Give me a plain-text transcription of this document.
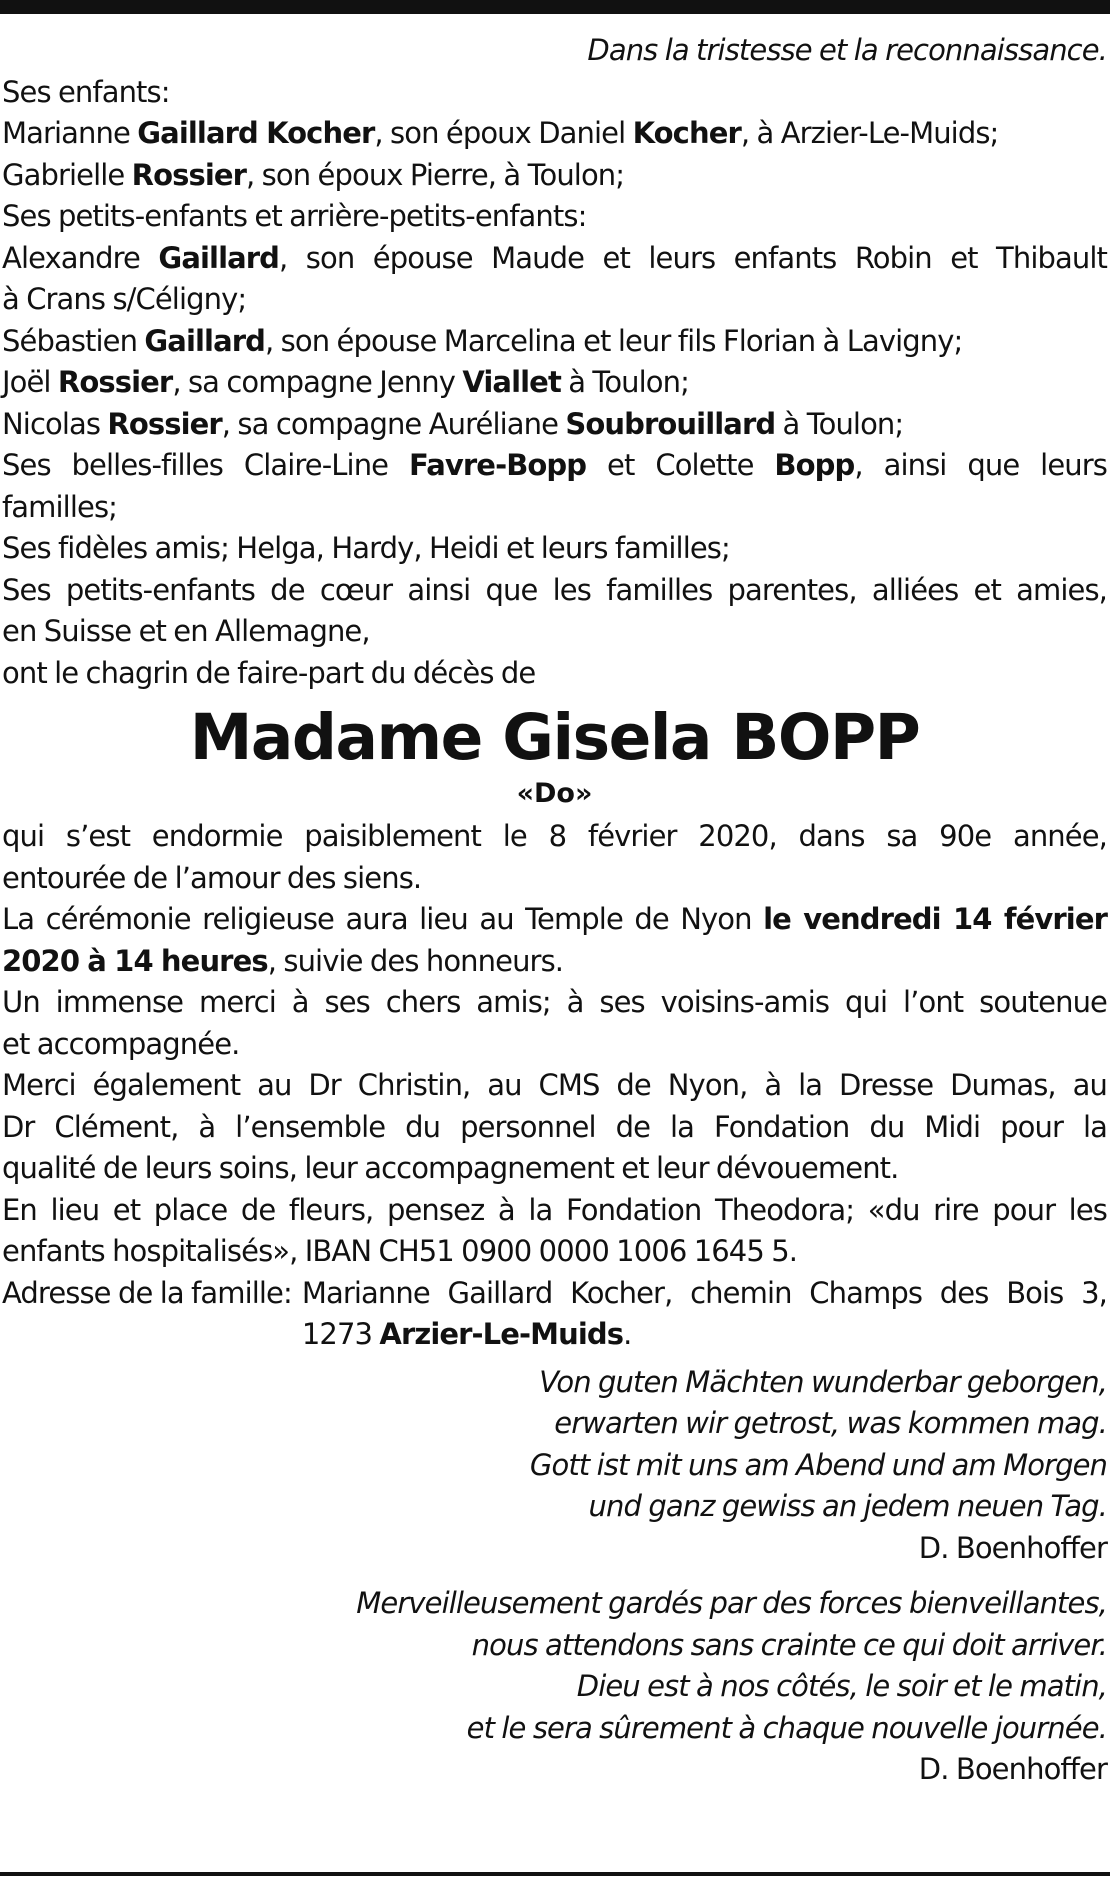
Dans la tristesse et la reconnaissance.
Ses enfants:
Marianne Gaillard Kocher, son époux Daniel Kocher, à Arzier-Le-Muids;
Gabrielle Rossier, son époux Pierre, à Toulon;
Ses petits-enfants et arrière-petits-enfants:
Alexandre Gaillard, son épouse Maude et leurs enfants Robin et Thibault
à Crans s/Céligny;
Sébastien Gaillard, son épouse Marcelina et leur fils Florian à Lavigny;
Joël Rossier, sa compagne Jenny Viallet à Toulon;
Nicolas Rossier, sa compagne Auréliane Soubrouillard à Toulon;
Ses belles-filles Claire-Line Favre-Bopp et Colette Bopp, ainsi que leurs
familles;
Ses fidèles amis; Helga, Hardy, Heidi et leurs familles;
Ses petits-enfants de cœur ainsi que les familles parentes, alliées et amies,
en Suisse et en Allemagne,
ont le chagrin de faire-part du décès de
Madame Gisela BOPP
«Do»
qui s’est endormie paisiblement le 8 février 2020, dans sa 90e année,
entourée de l’amour des siens.
La cérémonie religieuse aura lieu au Temple de Nyon le vendredi 14 février
2020 à 14 heures, suivie des honneurs.
Un immense merci à ses chers amis; à ses voisins-amis qui l’ont soutenue
et accompagnée.
Merci également au Dr Christin, au CMS de Nyon, à la Dresse Dumas, au
Dr Clément, à l’ensemble du personnel de la Fondation du Midi pour la
qualité de leurs soins, leur accompagnement et leur dévouement.
En lieu et place de fleurs, pensez à la Fondation Theodora; «du rire pour les
enfants hospitalisés», IBAN CH51 0900 0000 1006 1645 5.
Adresse de la famille: Marianne Gaillard Kocher, chemin Champs des Bois 3,
1273 Arzier-Le-Muids.
Von guten Mächten wunderbar geborgen,
erwarten wir getrost, was kommen mag.
Gott ist mit uns am Abend und am Morgen
und ganz gewiss an jedem neuen Tag.
D. Boenhoffer
Merveilleusement gardés par des forces bienveillantes,
nous attendons sans crainte ce qui doit arriver.
Dieu est à nos côtés, le soir et le matin,
et le sera sûrement à chaque nouvelle journée.
D. Boenhoffer
